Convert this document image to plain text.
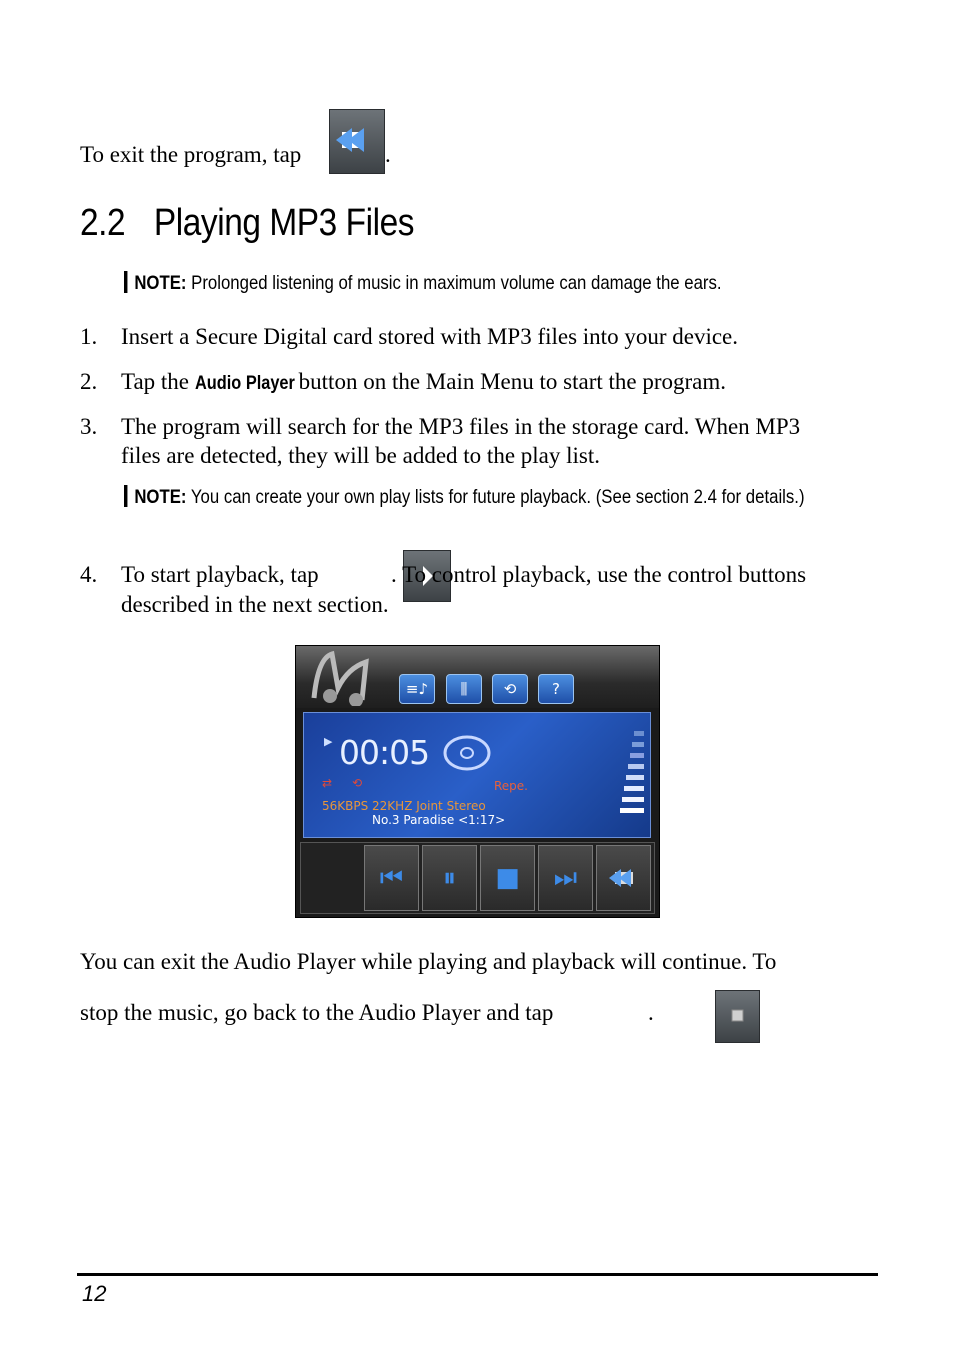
To exit the program, tap
	.
2.2 Playing MP3 Files
NOTE: Prolonged listening of music in maximum volume can damage the ears.
1. Insert a Secure Digital card stored with MP3 files into your device.
2. Tap the Audio Player button on the Main Menu to start the program.
3. The program will search for the MP3 files in the storage card. When MP3
files are detected, they will be added to the play list.
NOTE: You can create your own play lists for future playback. (See section 2.4 for details.)
4. To start playback, tap
	. To control playback, use the control buttons
described in the next section.
≡♪	⫼	⟲	?
▶ 00:05
⇄ ⟲	Repe.
56KBPS 22KHZ Joint Stereo
No.3 Paradise <1:17>
⏮	⏸	■	⏭
You can exit the Audio Player while playing and playback will continue. To
stop the music, go back to the Audio Player and tap	.
12
